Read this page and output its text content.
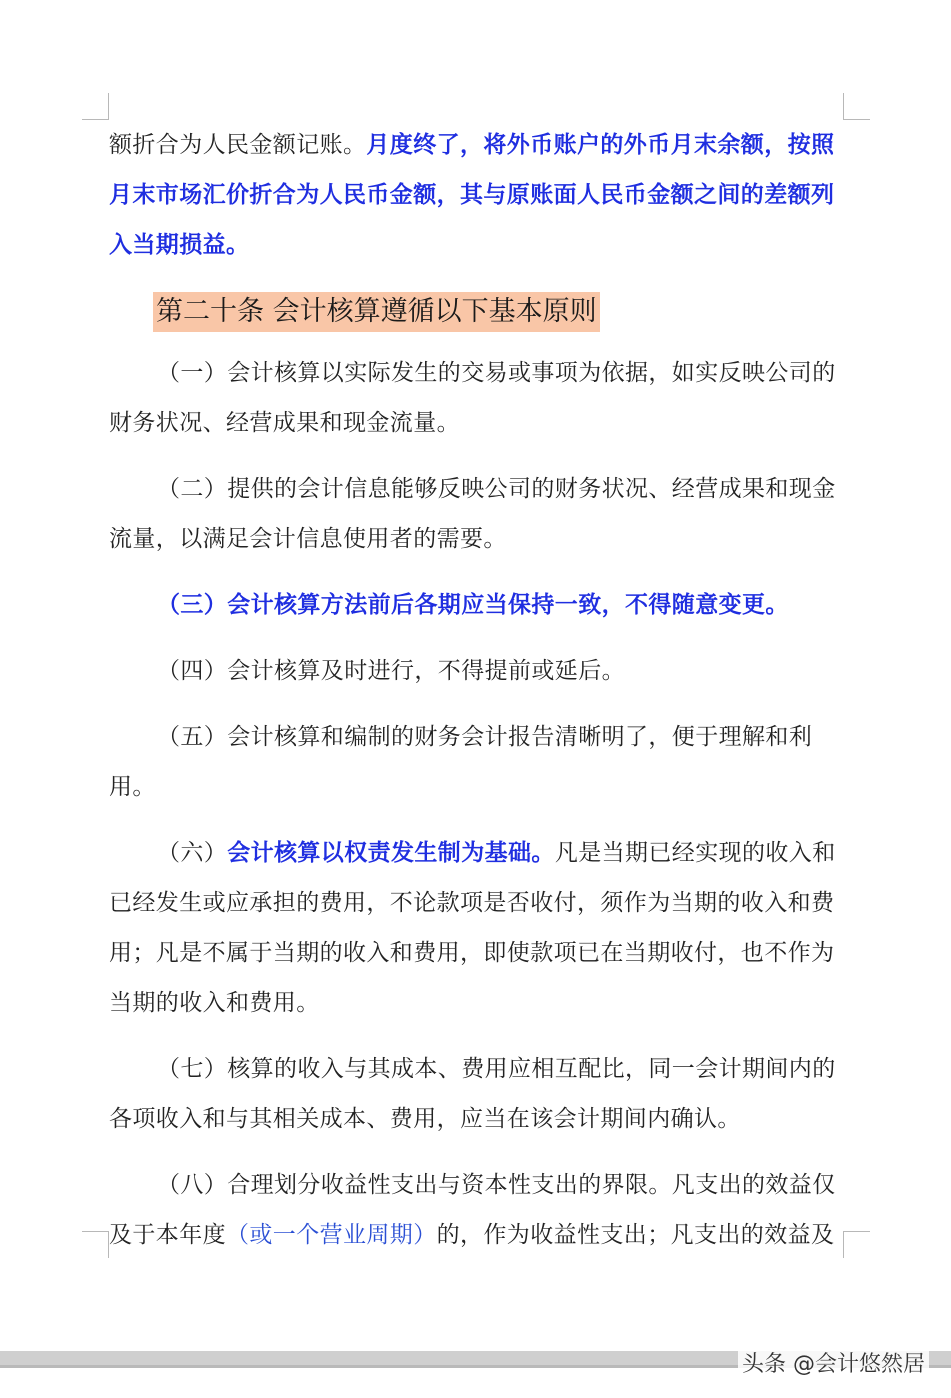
额折合为人民金额记账。月度终了，将外币账户的外币月末余额，按照月末市场汇价折合为人民币金额，其与原账面人民币金额之间的差额列入当期损益。

第二十条 会计核算遵循以下基本原则

（一）会计核算以实际发生的交易或事项为依据，如实反映公司的财务状况、经营成果和现金流量。

（二）提供的会计信息能够反映公司的财务状况、经营成果和现金流量，以满足会计信息使用者的需要。

（三）会计核算方法前后各期应当保持一致，不得随意变更。

（四）会计核算及时进行，不得提前或延后。

（五）会计核算和编制的财务会计报告清晰明了，便于理解和利用。

（六）会计核算以权责发生制为基础。凡是当期已经实现的收入和已经发生或应承担的费用，不论款项是否收付，须作为当期的收入和费用；凡是不属于当期的收入和费用，即使款项已在当期收付，也不作为当期的收入和费用。

（七）核算的收入与其成本、费用应相互配比，同一会计期间内的各项收入和与其相关成本、费用，应当在该会计期间内确认。

（八）合理划分收益性支出与资本性支出的界限。凡支出的效益仅及于本年度（或一个营业周期）的，作为收益性支出；凡支出的效益及

头条 @会计悠然居
